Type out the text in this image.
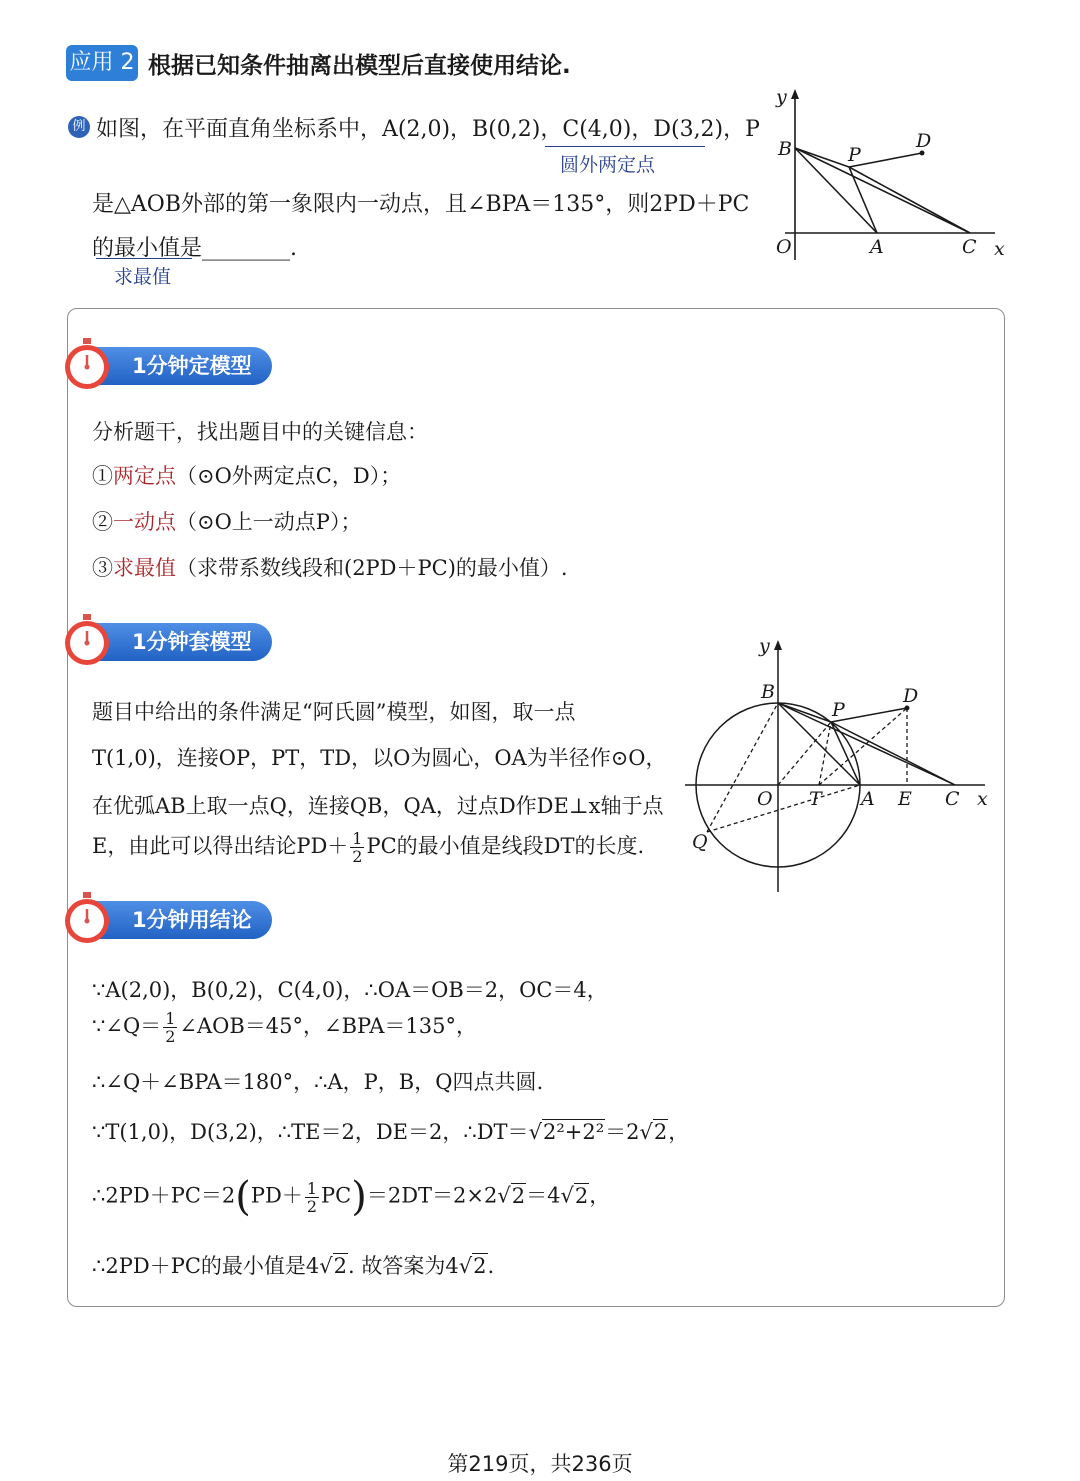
应用 2 根据已知条件抽离出模型后直接使用结论.
例 如图，在平面直角坐标系中，A(2,0)，B(0,2)，C(4,0)，D(3,2)，P
圆外两定点
是△AOB外部的第一象限内一动点，且∠BPA＝135°，则2PD＋PC
的最小值是________.
求最值
y
x
O	A
B
C
D
P
1分钟定模型
分析题干，找出题目中的关键信息：
①两定点（⊙O外两定点C，D）；
②一动点（⊙O上一动点P）；
③求最值（求带系数线段和(2PD＋PC)的最小值）.
1分钟套模型
题目中给出的条件满足“阿氏圆”模型，如图，取一点
T(1,0)，连接OP，PT，TD，以O为圆心，OA为半径作⊙O，
在优弧AB上取一点Q，连接QB，QA，过点D作DE⊥x轴于点
E，由此可以得出结论$PD+ \frac{1}{2}$ PC的最小值是线段DT的长度.
y
x
O T A E C
B
P
D
Q
1分钟用结论
∵A(2,0)，B(0,2)，C(4,0)，∴OA＝OB＝2，OC＝4，
∵∠Q＝ $\frac{1}{2}$ ∠AOB＝45°，∠BPA＝135°，
∴∠Q＋∠BPA＝180°，∴A，P，B，Q四点共圆.
∵T(1,0)，D(3,2)，∴TE＝2，DE＝2，∴DT＝√2²+2²＝2√2，
∴2PD＋PC＝2(PD＋ $\frac{1}{2} PC)=2DT=2\times 2√2=4√2$，
∴2PD＋PC的最小值是4√2. 故答案为4√2.
第219页，共236页
